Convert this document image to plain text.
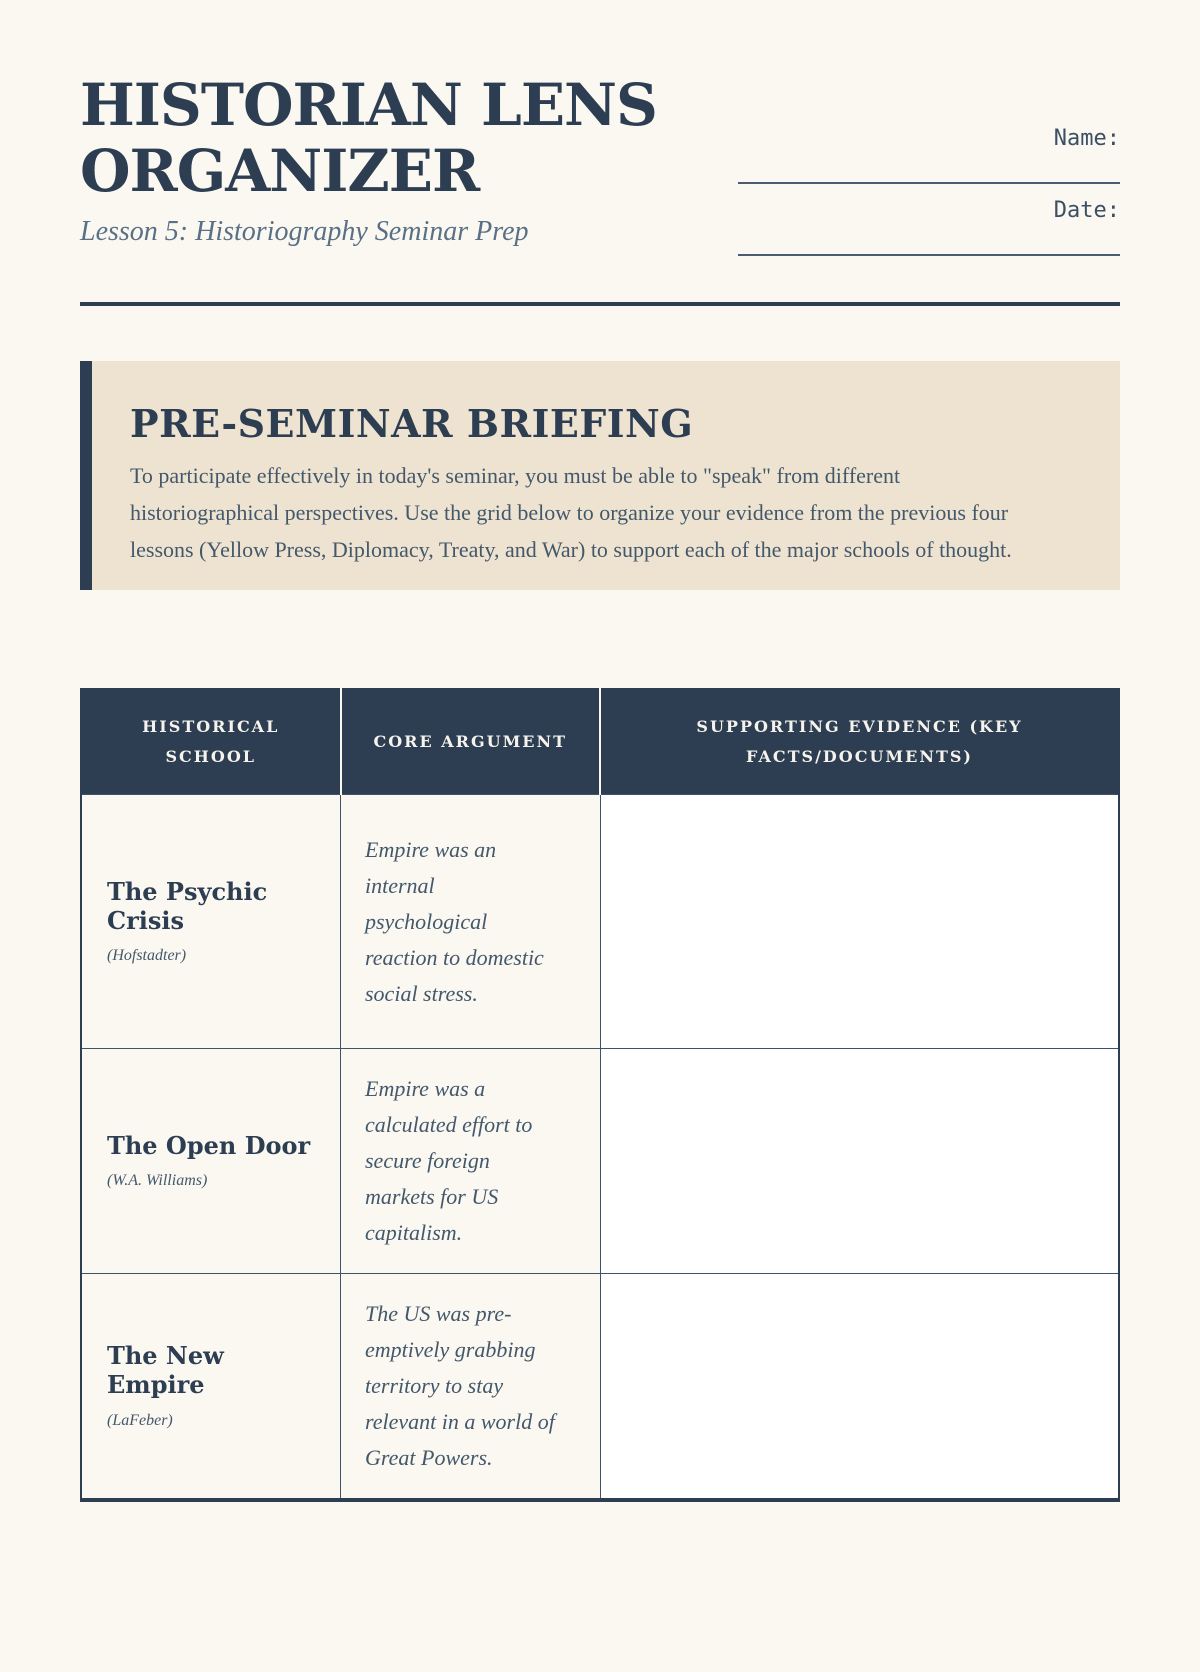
HISTORIAN LENS ORGANIZER
Lesson 5: Historiography Seminar Prep
Name:
Date:
PRE-SEMINAR BRIEFING

To participate effectively in today's seminar, you must be able to "speak" from different historiographical perspectives. Use the grid below to organize your evidence from the previous four lessons (Yellow Press, Diplomacy, Treaty, and War) to support each of the major schools of thought.

HISTORICAL SCHOOL	CORE ARGUMENT	SUPPORTING EVIDENCE (KEY FACTS/DOCUMENTS)

The Psychic Crisis
(Hofstadter)	Empire was an internal psychological reaction to domestic social stress.	

The Open Door
(W.A. Williams)	Empire was a calculated effort to secure foreign markets for US capitalism.	

The New Empire
(LaFeber)	The US was pre-emptively grabbing territory to stay relevant in a world of Great Powers.	
